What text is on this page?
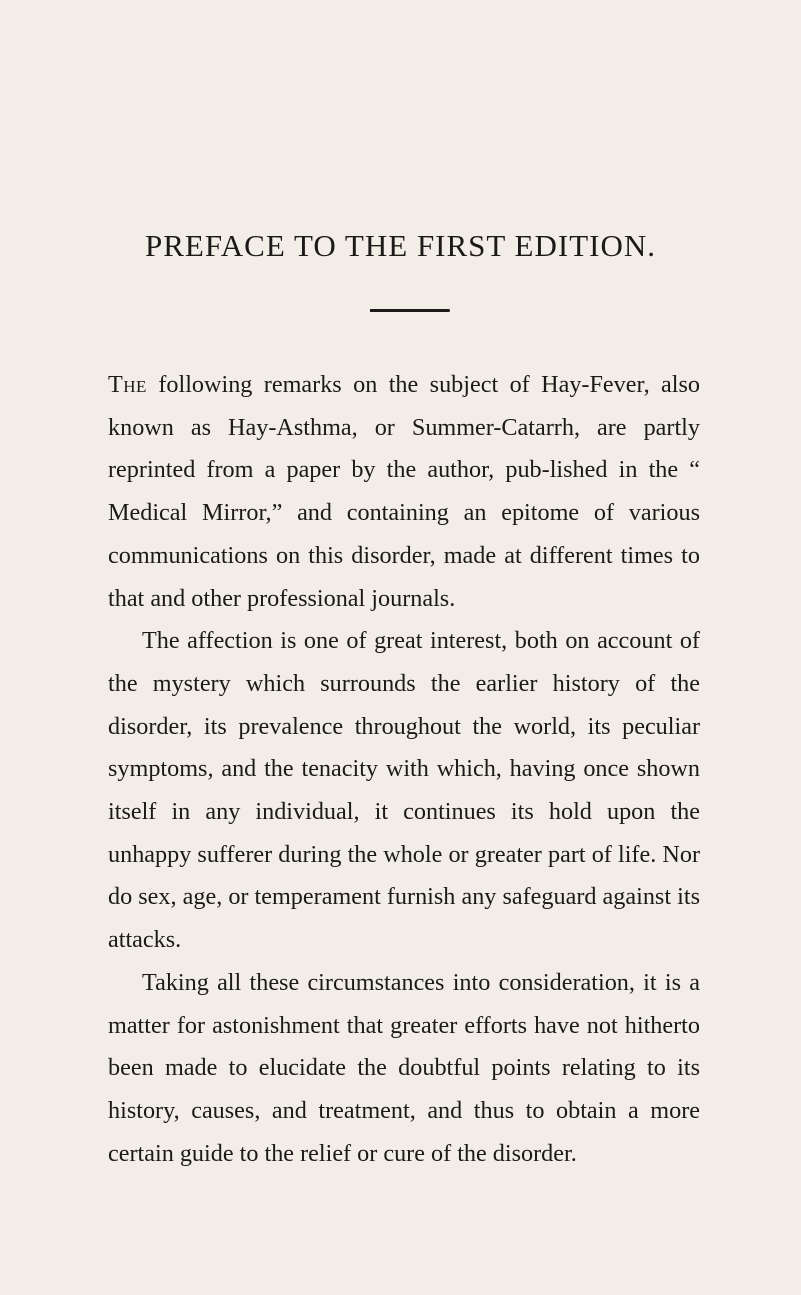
PREFACE TO THE FIRST EDITION.

The following remarks on the subject of Hay-Fever, also known as Hay-Asthma, or Summer-Catarrh, are partly reprinted from a paper by the author, pub-lished in the “ Medical Mirror,” and containing an epitome of various communications on this disorder, made at different times to that and other professional journals.

The affection is one of great interest, both on account of the mystery which surrounds the earlier history of the disorder, its prevalence throughout the world, its peculiar symptoms, and the tenacity with which, having once shown itself in any individual, it continues its hold upon the unhappy sufferer during the whole or greater part of life. Nor do sex, age, or temperament furnish any safeguard against its attacks.

Taking all these circumstances into consideration, it is a matter for astonishment that greater efforts have not hitherto been made to elucidate the doubtful points relating to its history, causes, and treatment, and thus to obtain a more certain guide to the relief or cure of the disorder.
